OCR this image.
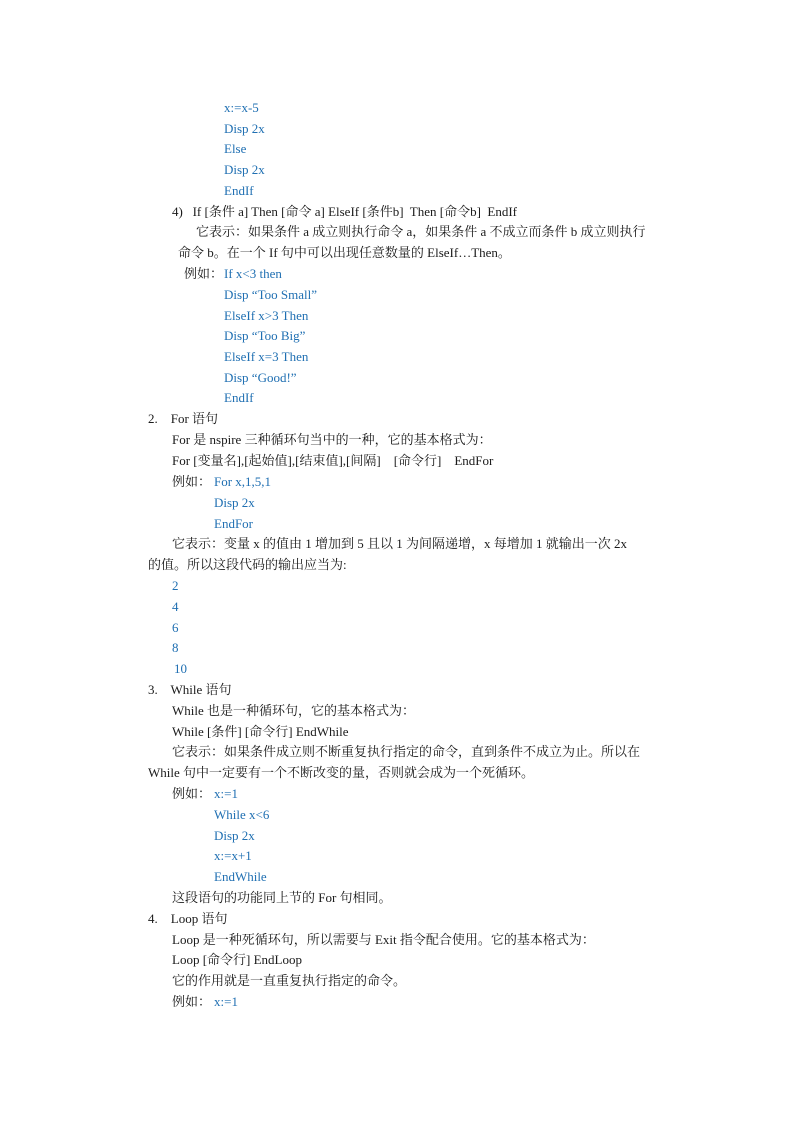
x:=x-5
Disp 2x
Else
Disp 2x
EndIf
4)   If [条件 a] Then [命令 a] ElseIf [条件b]  Then [命令b]  EndIf
它表示：如果条件 a 成立则执行命令 a，如果条件 a 不成立而条件 b 成立则执行
命令 b。在一个 If 句中可以出现任意数量的 ElseIf…Then。
例如： If x<3 then
Disp “Too Small”
ElseIf x>3 Then
Disp “Too Big”
ElseIf x=3 Then
Disp “Good!”
EndIf
2.    For 语句
For 是 nspire 三种循环句当中的一种，它的基本格式为：
For [变量名],[起始值],[结束值],[间隔]    [命令行]    EndFor
例如： For x,1,5,1
Disp 2x
EndFor
它表示：变量 x 的值由 1 增加到 5 且以 1 为间隔递增，x 每增加 1 就输出一次 2x
的值。所以这段代码的输出应当为:
2
4
6
8
10
3.    While 语句
While 也是一种循环句，它的基本格式为：
While [条件] [命令行] EndWhile
它表示：如果条件成立则不断重复执行指定的命令，直到条件不成立为止。所以在
While 句中一定要有一个不断改变的量，否则就会成为一个死循环。
例如： x:=1
While x<6
Disp 2x
x:=x+1
EndWhile
这段语句的功能同上节的 For 句相同。
4.    Loop 语句
Loop 是一种死循环句，所以需要与 Exit 指令配合使用。它的基本格式为：
Loop [命令行] EndLoop
它的作用就是一直重复执行指定的命令。
例如： x:=1
